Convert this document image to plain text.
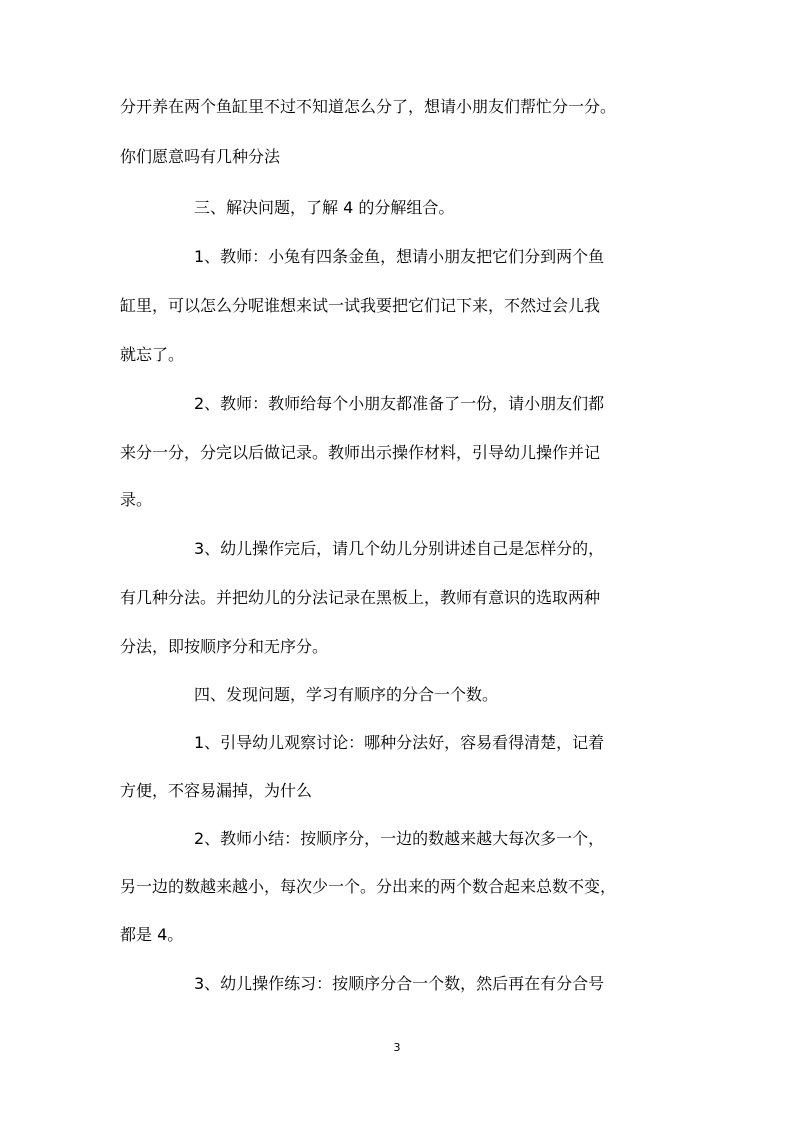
分开养在两个鱼缸里不过不知道怎么分了，想请小朋友们帮忙分一分。
你们愿意吗有几种分法
三、解决问题，了解 4 的分解组合。
1、教师：小兔有四条金鱼，想请小朋友把它们分到两个鱼
缸里，可以怎么分呢谁想来试一试我要把它们记下来，不然过会儿我
就忘了。
2、教师：教师给每个小朋友都准备了一份，请小朋友们都
来分一分，分完以后做记录。教师出示操作材料，引导幼儿操作并记
录。
3、幼儿操作完后，请几个幼儿分别讲述自己是怎样分的，
有几种分法。并把幼儿的分法记录在黑板上，教师有意识的选取两种
分法，即按顺序分和无序分。
四、发现问题，学习有顺序的分合一个数。
1、引导幼儿观察讨论：哪种分法好，容易看得清楚，记着
方便，不容易漏掉，为什么
2、教师小结：按顺序分，一边的数越来越大每次多一个，
另一边的数越来越小，每次少一个。分出来的两个数合起来总数不变，
都是 4。
3、幼儿操作练习：按顺序分合一个数，然后再在有分合号
3
